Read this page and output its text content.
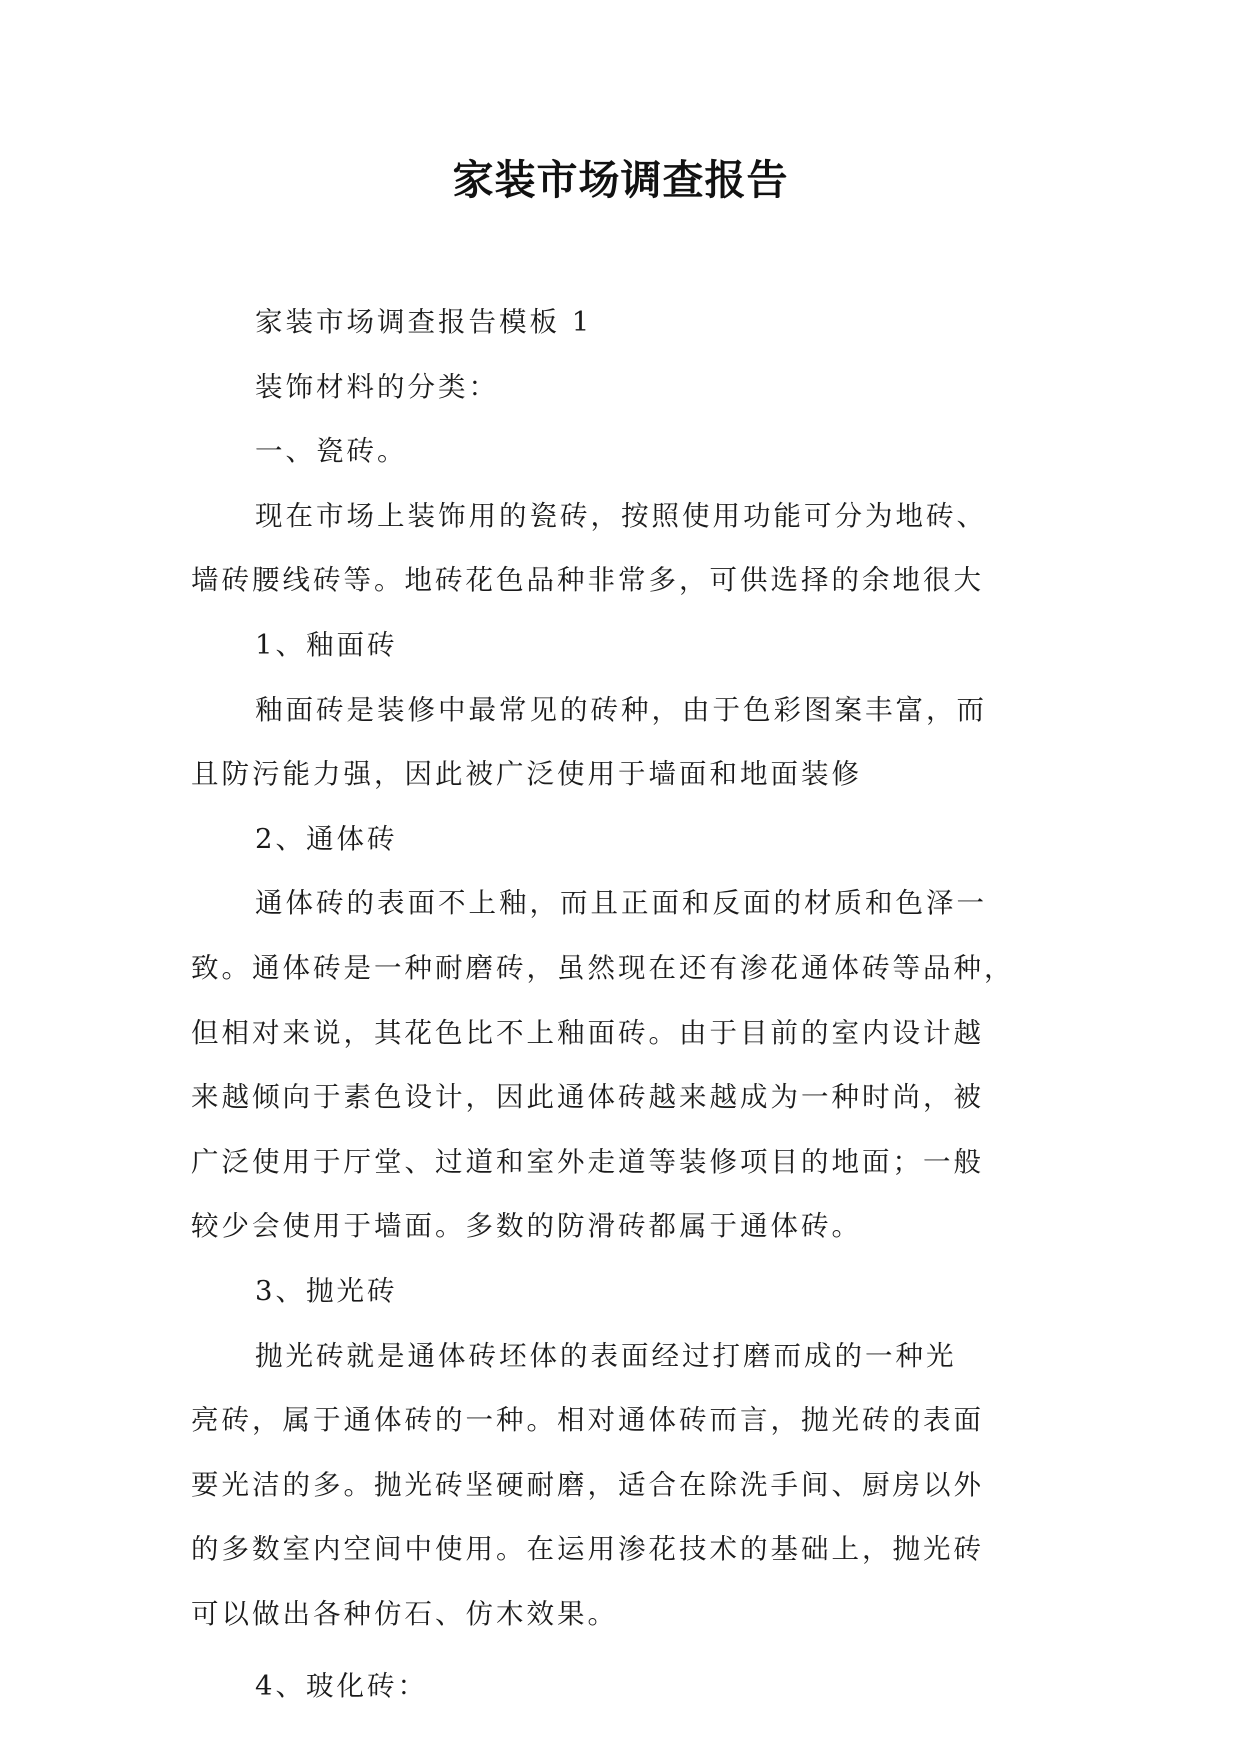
家装市场调查报告

家装市场调查报告模板 1

装饰材料的分类：

一、瓷砖。

现在市场上装饰用的瓷砖，按照使用功能可分为地砖、

墙砖腰线砖等。地砖花色品种非常多，可供选择的余地很大

1、釉面砖

釉面砖是装修中最常见的砖种，由于色彩图案丰富，而

且防污能力强，因此被广泛使用于墙面和地面装修

2、通体砖

通体砖的表面不上釉，而且正面和反面的材质和色泽一

致。通体砖是一种耐磨砖，虽然现在还有渗花通体砖等品种，

但相对来说，其花色比不上釉面砖。由于目前的室内设计越

来越倾向于素色设计，因此通体砖越来越成为一种时尚，被

广泛使用于厅堂、过道和室外走道等装修项目的地面；一般

较少会使用于墙面。多数的防滑砖都属于通体砖。

3、抛光砖

抛光砖就是通体砖坯体的表面经过打磨而成的一种光

亮砖，属于通体砖的一种。相对通体砖而言，抛光砖的表面

要光洁的多。抛光砖坚硬耐磨，适合在除洗手间、厨房以外

的多数室内空间中使用。在运用渗花技术的基础上，抛光砖

可以做出各种仿石、仿木效果。

4、玻化砖：
